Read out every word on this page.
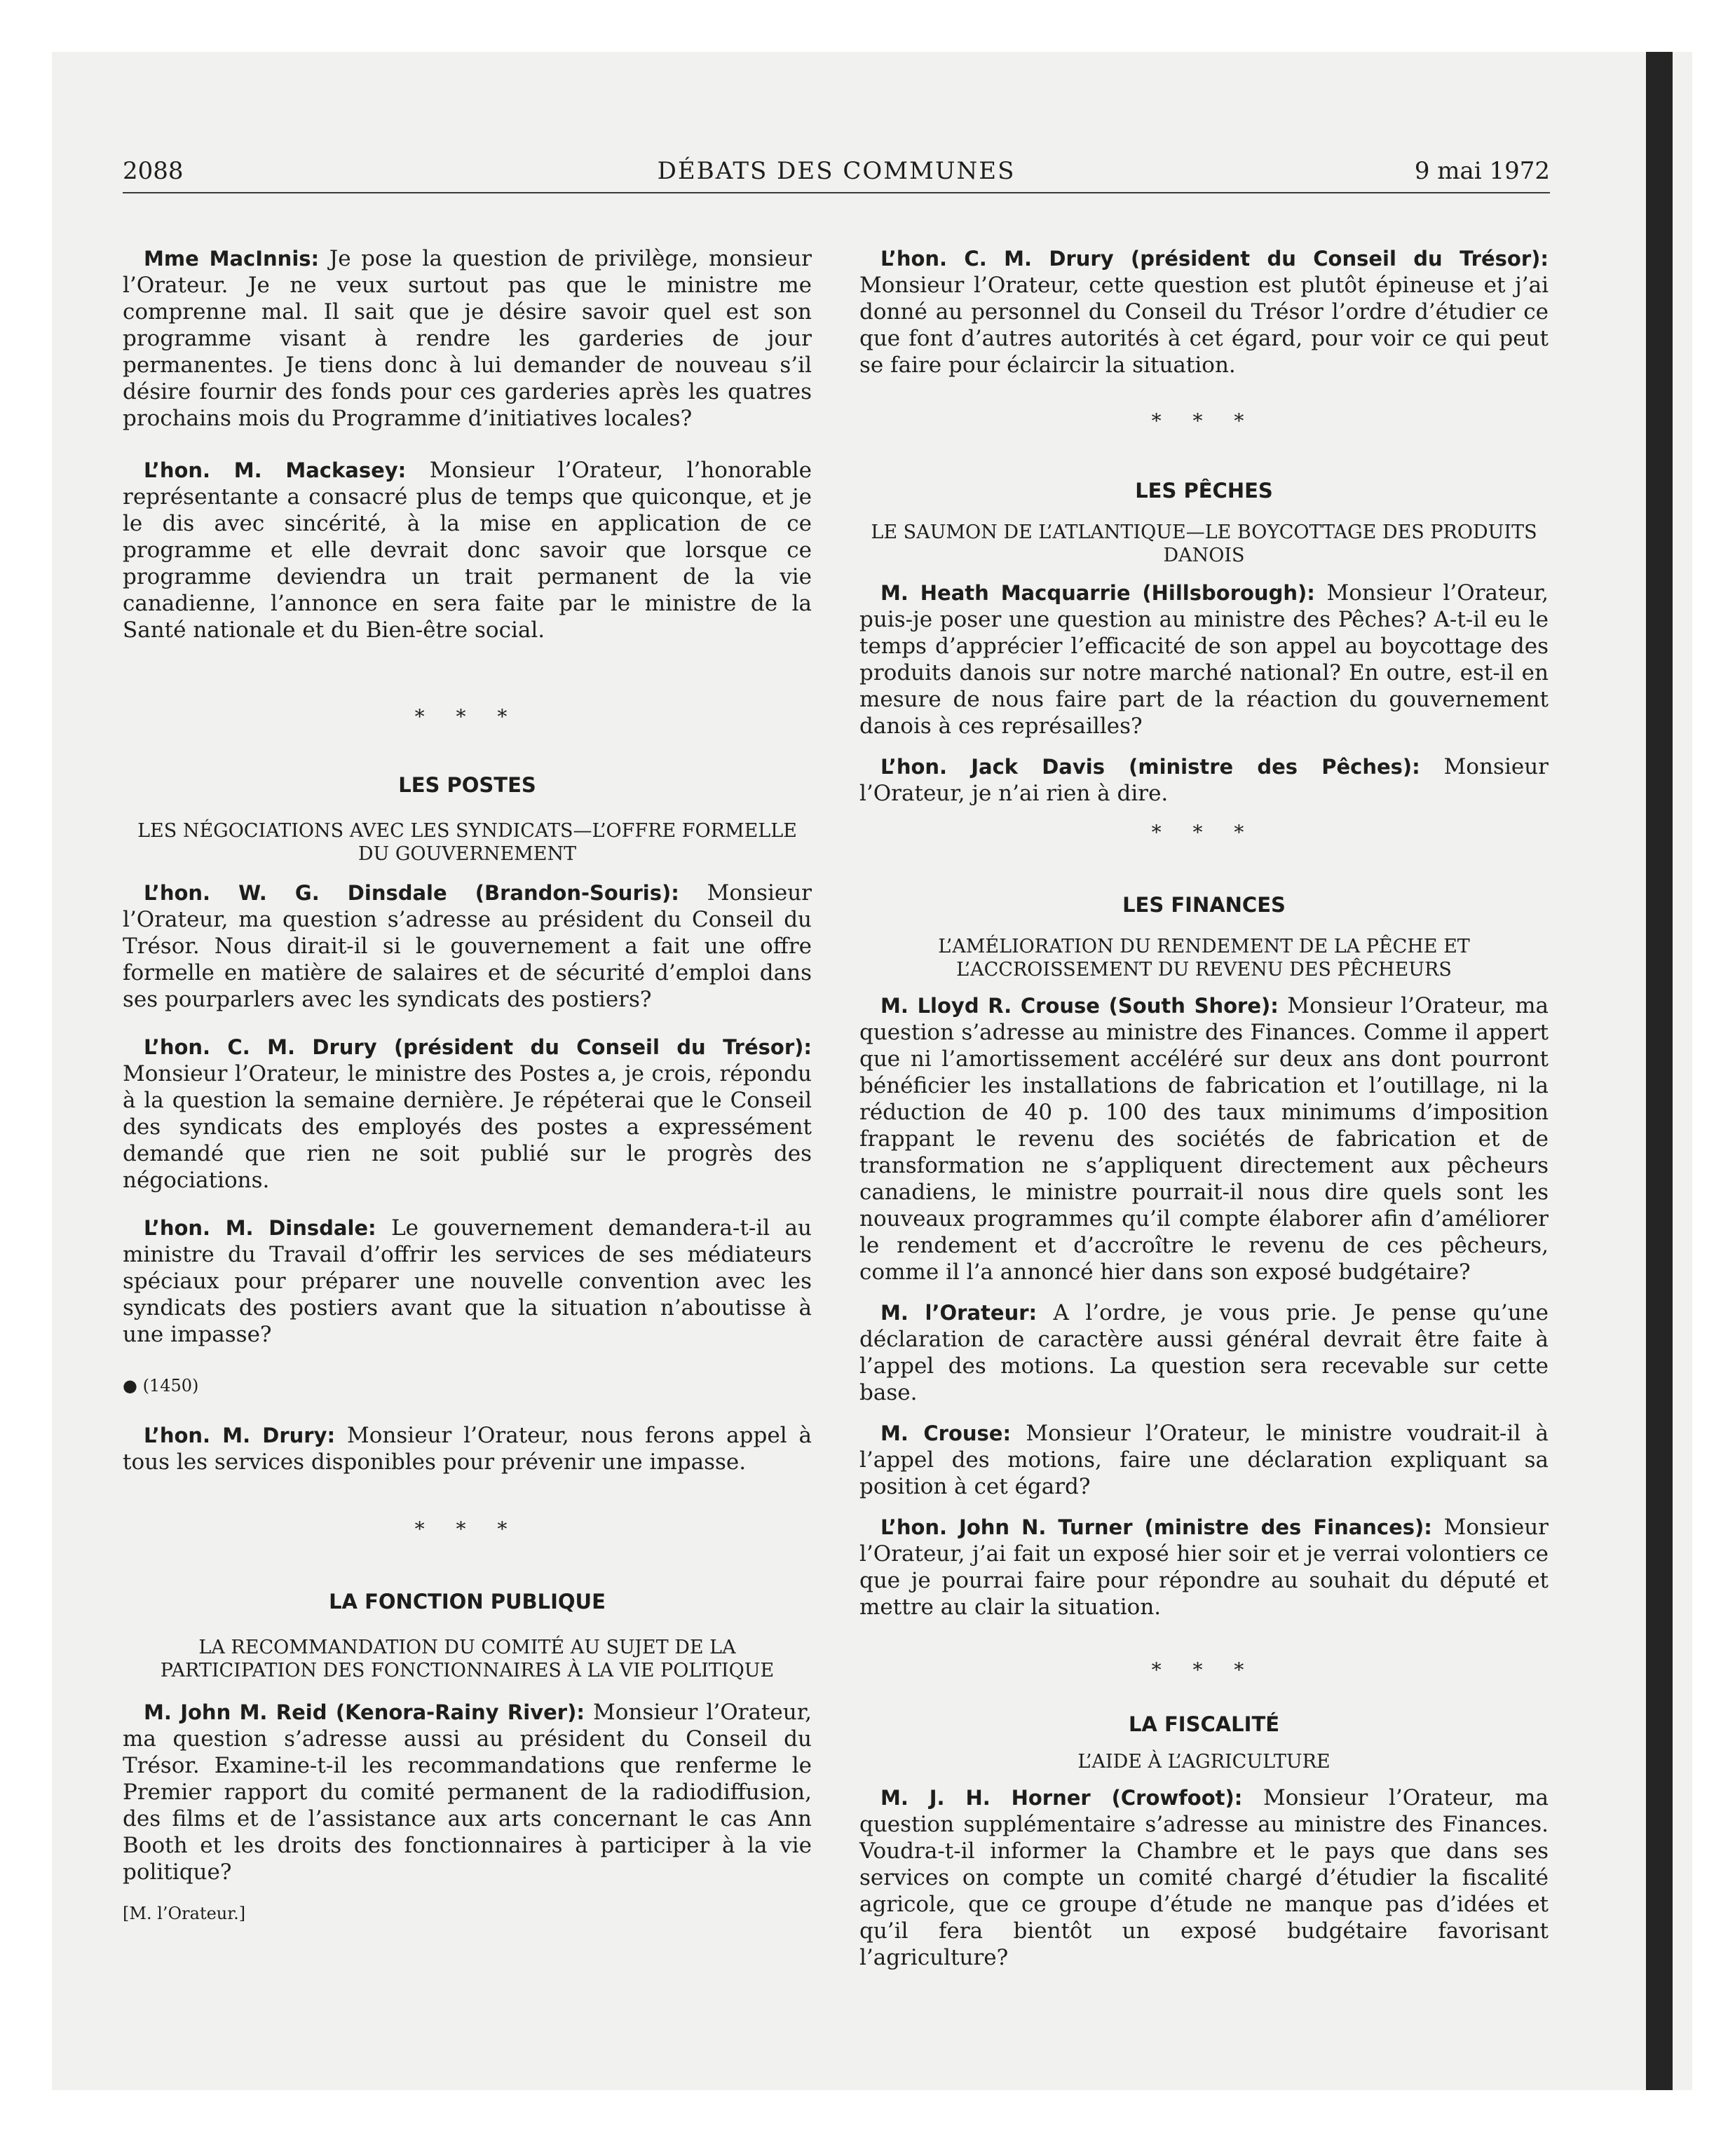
DÉBATS DES COMMUNES
2088	9 mai 1972

Mme MacInnis: Je pose la question de privilège, monsieur l’Orateur. Je ne veux surtout pas que le ministre me comprenne mal. Il sait que je désire savoir quel est son programme visant à rendre les garderies de jour permanentes. Je tiens donc à lui demander de nouveau s’il désire fournir des fonds pour ces garderies après les quatres prochains mois du Programme d’initiatives locales?

L’hon. M. Mackasey: Monsieur l’Orateur, l’honorable représentante a consacré plus de temps que quiconque, et je le dis avec sincérité, à la mise en application de ce programme et elle devrait donc savoir que lorsque ce programme deviendra un trait permanent de la vie canadienne, l’annonce en sera faite par le ministre de la Santé nationale et du Bien-être social.

* * *
LES POSTES
LES NÉGOCIATIONS AVEC LES SYNDICATS—L’OFFRE FORMELLE DU GOUVERNEMENT

L’hon. W. G. Dinsdale (Brandon-Souris): Monsieur l’Orateur, ma question s’adresse au président du Conseil du Trésor. Nous dirait-il si le gouvernement a fait une offre formelle en matière de salaires et de sécurité d’emploi dans ses pourparlers avec les syndicats des postiers?

L’hon. C. M. Drury (président du Conseil du Trésor): Monsieur l’Orateur, le ministre des Postes a, je crois, répondu à la question la semaine dernière. Je répéterai que le Conseil des syndicats des employés des postes a expressément demandé que rien ne soit publié sur le progrès des négociations.

L’hon. M. Dinsdale: Le gouvernement demandera-t-il au ministre du Travail d’offrir les services de ses médiateurs spéciaux pour préparer une nouvelle convention avec les syndicats des postiers avant que la situation n’aboutisse à une impasse?

● (1450)

L’hon. M. Drury: Monsieur l’Orateur, nous ferons appel à tous les services disponibles pour prévenir une impasse.

* * *
LA FONCTION PUBLIQUE
LA RECOMMANDATION DU COMITÉ AU SUJET DE LA PARTICIPATION DES FONCTIONNAIRES À LA VIE POLITIQUE

M. John M. Reid (Kenora-Rainy River): Monsieur l’Orateur, ma question s’adresse aussi au président du Conseil du Trésor. Examine-t-il les recommandations que renferme le Premier rapport du comité permanent de la radiodiffusion, des films et de l’assistance aux arts concernant le cas Ann Booth et les droits des fonctionnaires à participer à la vie politique?

[M. l’Orateur.]

L’hon. C. M. Drury (président du Conseil du Trésor): Monsieur l’Orateur, cette question est plutôt épineuse et j’ai donné au personnel du Conseil du Trésor l’ordre d’étudier ce que font d’autres autorités à cet égard, pour voir ce qui peut se faire pour éclaircir la situation.

* * *
LES PÊCHES
LE SAUMON DE L’ATLANTIQUE—LE BOYCOTTAGE DES PRODUITS DANOIS

M. Heath Macquarrie (Hillsborough): Monsieur l’Orateur, puis-je poser une question au ministre des Pêches? A-t-il eu le temps d’apprécier l’efficacité de son appel au boycottage des produits danois sur notre marché national? En outre, est-il en mesure de nous faire part de la réaction du gouvernement danois à ces représailles?

L’hon. Jack Davis (ministre des Pêches): Monsieur l’Orateur, je n’ai rien à dire.

* * *
LES FINANCES
L’AMÉLIORATION DU RENDEMENT DE LA PÊCHE ET L’ACCROISSEMENT DU REVENU DES PÊCHEURS

M. Lloyd R. Crouse (South Shore): Monsieur l’Orateur, ma question s’adresse au ministre des Finances. Comme il appert que ni l’amortissement accéléré sur deux ans dont pourront bénéficier les installations de fabrication et l’outillage, ni la réduction de 40 p. 100 des taux minimums d’imposition frappant le revenu des sociétés de fabrication et de transformation ne s’appliquent directement aux pêcheurs canadiens, le ministre pourrait-il nous dire quels sont les nouveaux programmes qu’il compte élaborer afin d’améliorer le rendement et d’accroître le revenu de ces pêcheurs, comme il l’a annoncé hier dans son exposé budgétaire?

M. l’Orateur: A l’ordre, je vous prie. Je pense qu’une déclaration de caractère aussi général devrait être faite à l’appel des motions. La question sera recevable sur cette base.

M. Crouse: Monsieur l’Orateur, le ministre voudrait-il à l’appel des motions, faire une déclaration expliquant sa position à cet égard?

L’hon. John N. Turner (ministre des Finances): Monsieur l’Orateur, j’ai fait un exposé hier soir et je verrai volontiers ce que je pourrai faire pour répondre au souhait du député et mettre au clair la situation.

* * *
LA FISCALITÉ
L’AIDE À L’AGRICULTURE

M. J. H. Horner (Crowfoot): Monsieur l’Orateur, ma question supplémentaire s’adresse au ministre des Finances. Voudra-t-il informer la Chambre et le pays que dans ses services on compte un comité chargé d’étudier la fiscalité agricole, que ce groupe d’étude ne manque pas d’idées et qu’il fera bientôt un exposé budgétaire favorisant l’agriculture?
